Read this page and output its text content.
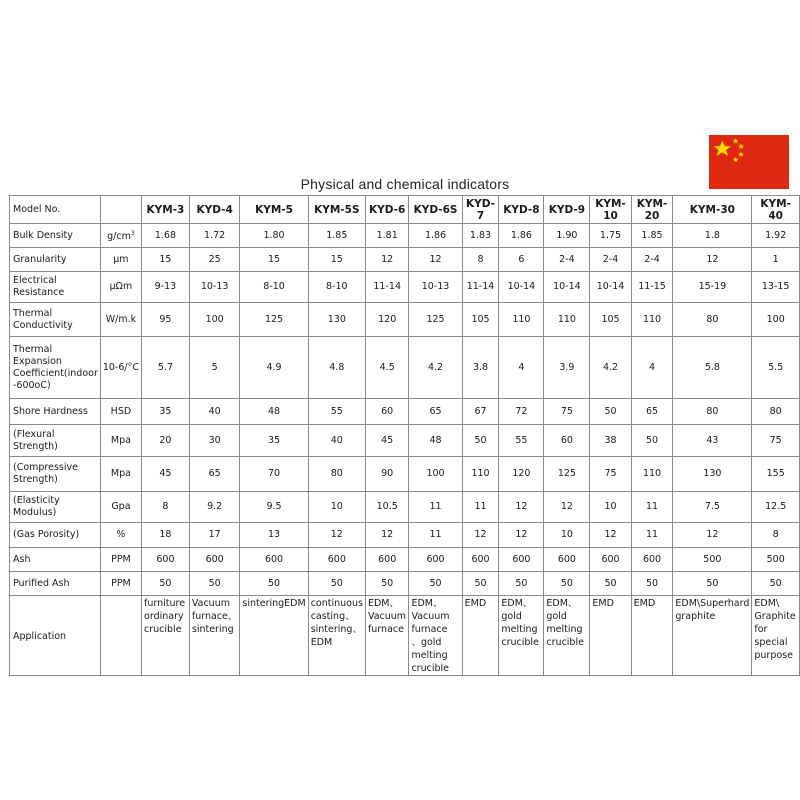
Physical and chemical indicators
Model No.		KYM-3	KYD-4	KYM-5	KYM-5S	KYD-6	KYD-6S	KYD-7	KYD-8	KYD-9	KYM-10	KYM-20	KYM-30	KYM-40
Bulk Density	$g/cm^3$	1.68	1.72	1.80	1.85	1.81	1.86	1.83	1.86	1.90	1.75	1.85	1.8	1.92
Granularity	μm	15	25	15	15	12	12	8	6	2-4	2-4	2-4	12	1
Electrical Resistance	μΩm	9-13	10-13	8-10	8-10	11-14	10-13	11-14	10-14	10-14	10-14	11-15	15-19	13-15
Thermal Conductivity	W/m.k	95	100	125	130	120	125	105	110	110	105	110	80	100
Thermal Expansion Coefficient(indoor -600oC)	10-6/°C	5.7	5	4.9	4.8	4.5	4.2	3.8	4	3.9	4.2	4	5.8	5.5
Shore Hardness	HSD	35	40	48	55	60	65	67	72	75	50	65	80	80
(Flexural Strength)	Mpa	20	30	35	40	45	48	50	55	60	38	50	43	75
(Compressive Strength)	Mpa	45	65	70	80	90	100	110	120	125	75	110	130	155
(Elasticity Modulus)	Gpa	8	9.2	9.5	10	10.5	11	11	12	12	10	11	7.5	12.5
(Gas Porosity)	%	18	17	13	12	12	11	12	12	10	12	11	12	8
Ash	PPM	600	600	600	600	600	600	600	600	600	600	600	500	500
Purified Ash	PPM	50	50	50	50	50	50	50	50	50	50	50	50	50
Application		furniture ordinary crucible	Vacuum furnace、sintering	sinteringEDM	continuous casting、sintering、EDM	EDM、Vacuum furnace	EDM、Vacuum furnace 、gold melting crucible	EMD	EDM、gold melting crucible	EDM、gold melting crucible	EMD	EMD	EDM\Superhard graphite	EDM\ Graphite for special purpose
